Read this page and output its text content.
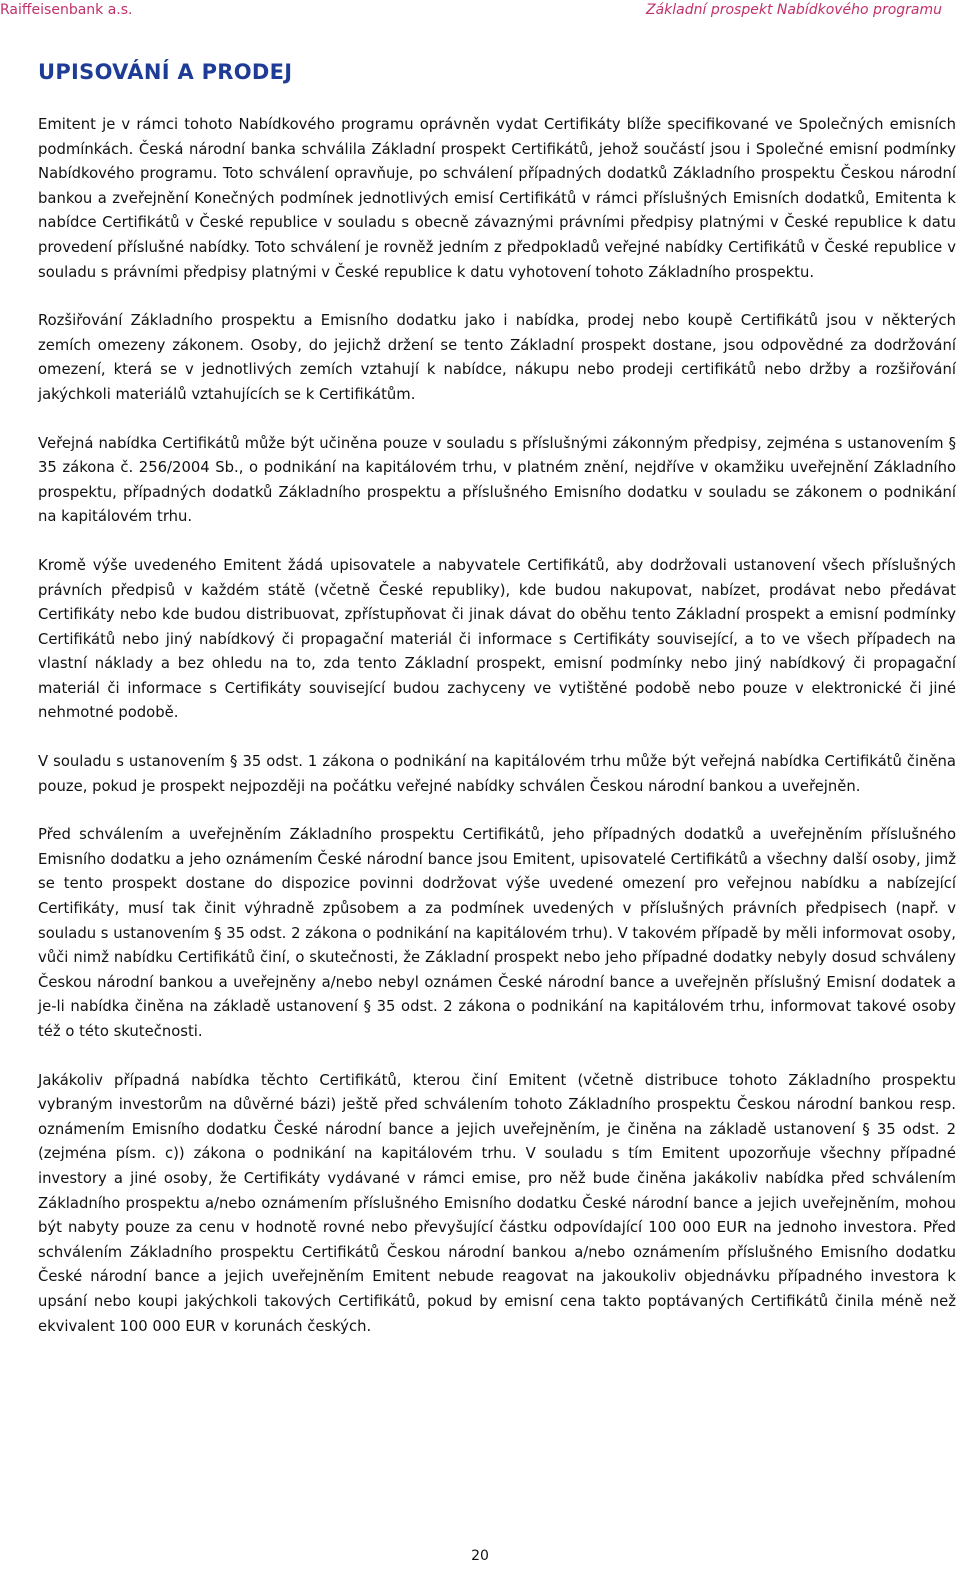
Raiffeisenbank a.s.	Základní prospekt Nabídkového programu
UPISOVÁNÍ A PRODEJ

Emitent je v rámci tohoto Nabídkového programu oprávněn vydat Certifikáty blíže specifikované ve Společných emisních podmínkách. Česká národní banka schválila Základní prospekt Certifikátů, jehož součástí jsou i Společné emisní podmínky Nabídkového programu. Toto schválení opravňuje, po schválení případných dodatků Základního prospektu Českou národní bankou a zveřejnění Konečných podmínek jednotlivých emisí Certifikátů v rámci příslušných Emisních dodatků, Emitenta k nabídce Certifikátů v České republice v souladu s obecně závaznými právními předpisy platnými v České republice k datu provedení příslušné nabídky. Toto schválení je rovněž jedním z předpokladů veřejné nabídky Certifikátů v České republice v souladu s právními předpisy platnými v České republice k datu vyhotovení tohoto Základního prospektu.

Rozšiřování Základního prospektu a Emisního dodatku jako i nabídka, prodej nebo koupě Certifikátů jsou v některých zemích omezeny zákonem. Osoby, do jejichž držení se tento Základní prospekt dostane, jsou odpovědné za dodržování omezení, která se v jednotlivých zemích vztahují k nabídce, nákupu nebo prodeji certifikátů nebo držby a rozšiřování jakýchkoli materiálů vztahujících se k Certifikátům.

Veřejná nabídka Certifikátů může být učiněna pouze v souladu s příslušnými zákonným předpisy, zejména s ustanovením § 35 zákona č. 256/2004 Sb., o podnikání na kapitálovém trhu, v platném znění, nejdříve v okamžiku uveřejnění Základního prospektu, případných dodatků Základního prospektu a příslušného Emisního dodatku v souladu se zákonem o podnikání na kapitálovém trhu.

Kromě výše uvedeného Emitent žádá upisovatele a nabyvatele Certifikátů, aby dodržovali ustanovení všech příslušných právních předpisů v každém státě (včetně České republiky), kde budou nakupovat, nabízet, prodávat nebo předávat Certifikáty nebo kde budou distribuovat, zpřístupňovat či jinak dávat do oběhu tento Základní prospekt a emisní podmínky Certifikátů nebo jiný nabídkový či propagační materiál či informace s Certifikáty související, a to ve všech případech na vlastní náklady a bez ohledu na to, zda tento Základní prospekt, emisní podmínky nebo jiný nabídkový či propagační materiál či informace s Certifikáty související budou zachyceny ve vytištěné podobě nebo pouze v elektronické či jiné nehmotné podobě.

V souladu s ustanovením § 35 odst. 1 zákona o podnikání na kapitálovém trhu může být veřejná nabídka Certifikátů činěna pouze, pokud je prospekt nejpozději na počátku veřejné nabídky schválen Českou národní bankou a uveřejněn.

Před schválením a uveřejněním Základního prospektu Certifikátů, jeho případných dodatků a uveřejněním příslušného Emisního dodatku a jeho oznámením České národní bance jsou Emitent, upisovatelé Certifikátů a všechny další osoby, jimž se tento prospekt dostane do dispozice povinni dodržovat výše uvedené omezení pro veřejnou nabídku a nabízející Certifikáty, musí tak činit výhradně způsobem a za podmínek uvedených v příslušných právních předpisech (např. v souladu s ustanovením § 35 odst. 2 zákona o podnikání na kapitálovém trhu). V takovém případě by měli informovat osoby, vůči nimž nabídku Certifikátů činí, o skutečnosti, že Základní prospekt nebo jeho případné dodatky nebyly dosud schváleny Českou národní bankou a uveřejněny a/nebo nebyl oznámen České národní bance a uveřejněn příslušný Emisní dodatek a je-li nabídka činěna na základě ustanovení § 35 odst. 2 zákona o podnikání na kapitálovém trhu, informovat takové osoby též o této skutečnosti.

Jakákoliv případná nabídka těchto Certifikátů, kterou činí Emitent (včetně distribuce tohoto Základního prospektu vybraným investorům na důvěrné bázi) ještě před schválením tohoto Základního prospektu Českou národní bankou resp. oznámením Emisního dodatku České národní bance a jejich uveřejněním, je činěna na základě ustanovení § 35 odst. 2 (zejména písm. c)) zákona o podnikání na kapitálovém trhu. V souladu s tím Emitent upozorňuje všechny případné investory a jiné osoby, že Certifikáty vydávané v rámci emise, pro něž bude činěna jakákoliv nabídka před schválením Základního prospektu a/nebo oznámením příslušného Emisního dodatku České národní bance a jejich uveřejněním, mohou být nabyty pouze za cenu v hodnotě rovné nebo převyšující částku odpovídající 100 000 EUR na jednoho investora. Před schválením Základního prospektu Certifikátů Českou národní bankou a/nebo oznámením příslušného Emisního dodatku České národní bance a jejich uveřejněním Emitent nebude reagovat na jakoukoliv objednávku případného investora k upsání nebo koupi jakýchkoli takových Certifikátů, pokud by emisní cena takto poptávaných Certifikátů činila méně než ekvivalent 100 000 EUR v korunách českých.

20
